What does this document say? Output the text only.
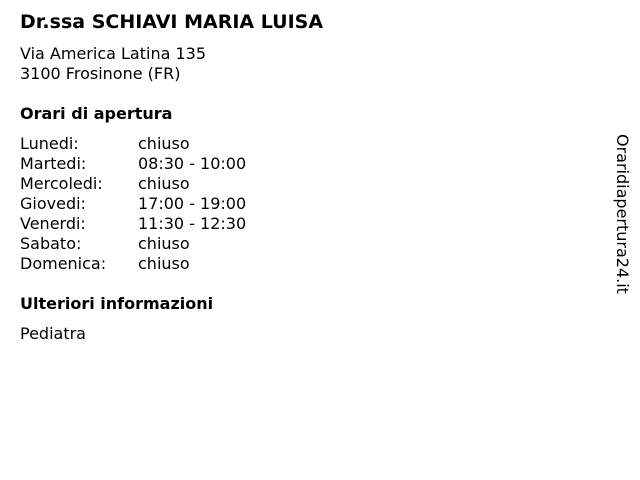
Dr.ssa SCHIAVI MARIA LUISA
Via America Latina 135
3100 Frosinone (FR)
Orari di apertura
Lunedi:	chiuso
Martedi:	08:30 - 10:00
Mercoledi:	chiuso
Giovedi:	17:00 - 19:00
Venerdi:	11:30 - 12:30
Sabato:	chiuso
Domenica:	chiuso
Ulteriori informazioni
Pediatra
Oraridiapertura24.it
